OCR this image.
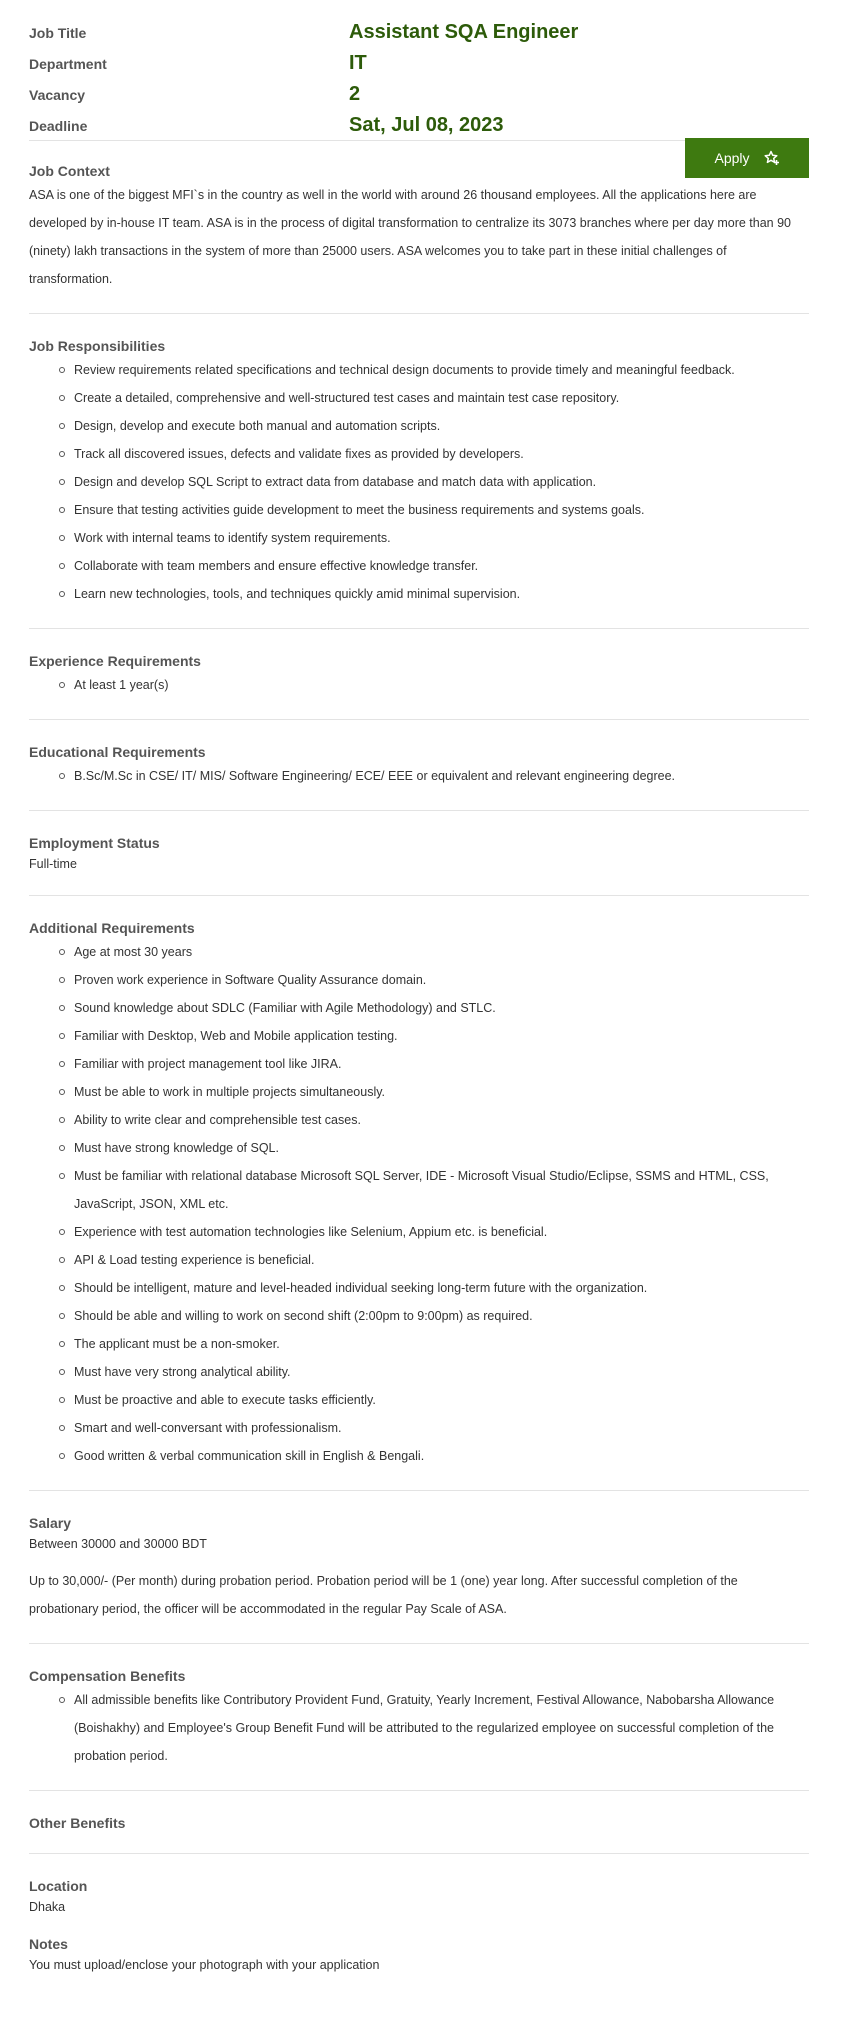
Job Title	Assistant SQA Engineer
Department	IT
Vacancy	2
Deadline	Sat, Jul 08, 2023
Apply
Job Context

ASA is one of the biggest MFI`s in the country as well in the world with around 26 thousand employees. All the applications here are developed by in-house IT team. ASA is in the process of digital transformation to centralize its 3073 branches where per day more than 90 (ninety) lakh transactions in the system of more than 25000 users. ASA welcomes you to take part in these initial challenges of transformation.

Job Responsibilities
Review requirements related specifications and technical design documents to provide timely and meaningful feedback.
Create a detailed, comprehensive and well-structured test cases and maintain test case repository.
Design, develop and execute both manual and automation scripts.
Track all discovered issues, defects and validate fixes as provided by developers.
Design and develop SQL Script to extract data from database and match data with application.
Ensure that testing activities guide development to meet the business requirements and systems goals.
Work with internal teams to identify system requirements.
Collaborate with team members and ensure effective knowledge transfer.
Learn new technologies, tools, and techniques quickly amid minimal supervision.
Experience Requirements
At least 1 year(s)
Educational Requirements
B.Sc/M.Sc in CSE/ IT/ MIS/ Software Engineering/ ECE/ EEE or equivalent and relevant engineering degree.
Employment Status

Full-time

Additional Requirements
Age at most 30 years
Proven work experience in Software Quality Assurance domain.
Sound knowledge about SDLC (Familiar with Agile Methodology) and STLC.
Familiar with Desktop, Web and Mobile application testing.
Familiar with project management tool like JIRA.
Must be able to work in multiple projects simultaneously.
Ability to write clear and comprehensible test cases.
Must have strong knowledge of SQL.
Must be familiar with relational database Microsoft SQL Server, IDE - Microsoft Visual Studio/Eclipse, SSMS and HTML, CSS, JavaScript, JSON, XML etc.
Experience with test automation technologies like Selenium, Appium etc. is beneficial.
API & Load testing experience is beneficial.
Should be intelligent, mature and level-headed individual seeking long-term future with the organization.
Should be able and willing to work on second shift (2:00pm to 9:00pm) as required.
The applicant must be a non-smoker.
Must have very strong analytical ability.
Must be proactive and able to execute tasks efficiently.
Smart and well-conversant with professionalism.
Good written & verbal communication skill in English & Bengali.
Salary

Between 30000 and 30000 BDT

Up to 30,000/- (Per month) during probation period. Probation period will be 1 (one) year long. After successful completion of the probationary period, the officer will be accommodated in the regular Pay Scale of ASA.

Compensation Benefits
All admissible benefits like Contributory Provident Fund, Gratuity, Yearly Increment, Festival Allowance, Nabobarsha Allowance (Boishakhy) and Employee's Group Benefit Fund will be attributed to the regularized employee on successful completion of the probation period.
Other Benefits
Location

Dhaka

Notes

You must upload/enclose your photograph with your application
